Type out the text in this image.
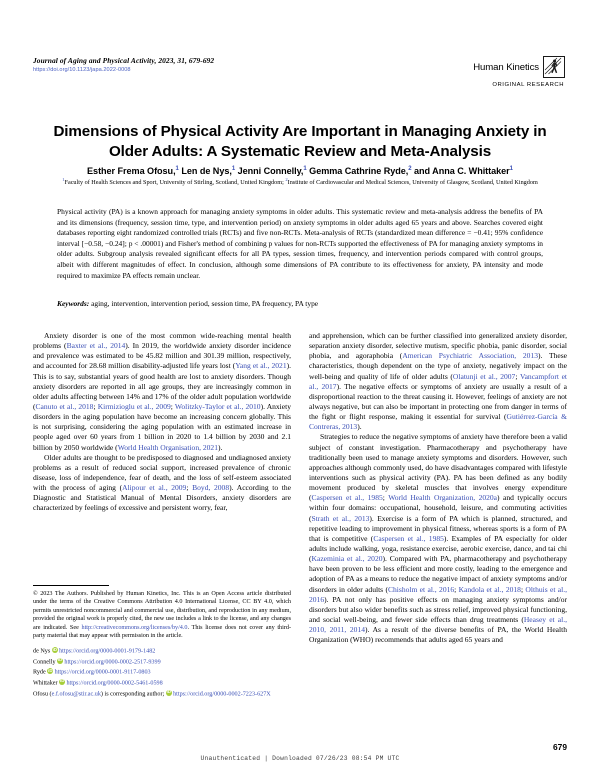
Journal of Aging and Physical Activity, 2023, 31, 679-692
https://doi.org/10.1123/japa.2022-0008	Human Kinetics
ORIGINAL RESEARCH
Dimensions of Physical Activity Are Important in Managing Anxiety in Older Adults: A Systematic Review and Meta-Analysis
Esther Frema Ofosu,$^1$ Len de Nys,$^1$ Jenni Connelly,$^1$ Gemma Cathrine Ryde,$^2$ and Anna C. Whittaker$^1$
$^1$Faculty of Health Sciences and Sport, University of Stirling, Scotland, United Kingdom; $^2$Institute of Cardiovascular and Medical Sciences, University of Glasgow, Scotland, United Kingdom
Physical activity (PA) is a known approach for managing anxiety symptoms in older adults. This systematic review and meta-analysis address the benefits of PA and its dimensions (frequency, session time, type, and intervention period) on anxiety symptoms in older adults aged 65 years and above. Searches covered eight databases reporting eight randomized controlled trials (RCTs) and five non-RCTs. Meta-analysis of RCTs (standardized mean difference = −0.41; 95% confidence interval [−0.58, −0.24]; p < .00001) and Fisher's method of combining p values for non-RCTs supported the effectiveness of PA for managing anxiety symptoms in older adults. Subgroup analysis revealed significant effects for all PA types, session times, frequency, and intervention periods compared with control groups, albeit with different magnitudes of effect. In conclusion, although some dimensions of PA contribute to its effectiveness for anxiety, PA intensity and mode required to maximize PA effects remain unclear.
Keywords: aging, intervention, intervention period, session time, PA frequency, PA type

Anxiety disorder is one of the most common wide-reaching mental health problems (Baxter et al., 2014). In 2019, the worldwide anxiety disorder incidence and prevalence was estimated to be 45.82 million and 301.39 million, respectively, and accounted for 28.68 million disability-adjusted life years lost (Yang et al., 2021). This is to say, substantial years of good health are lost to anxiety disorders. Though anxiety disorders are reported in all age groups, they are increasingly common in older adults affecting between 14% and 17% of the older adult population worldwide (Canuto et al., 2018; Kirmizioglu et al., 2009; Wolitzky-Taylor et al., 2010). Anxiety disorders in the aging population have become an increasing concern globally. This is not surprising, considering the aging population with an estimated increase in people aged over 60 years from 1 billion in 2020 to 1.4 billion by 2030 and 2.1 billion by 2050 worldwide (World Health Organisation, 2021).

Older adults are thought to be predisposed to diagnosed and undiagnosed anxiety problems as a result of reduced social support, increased prevalence of chronic disease, loss of independence, fear of death, and the loss of self-esteem associated with the process of aging (Alipour et al., 2009; Boyd, 2008). According to the Diagnostic and Statistical Manual of Mental Disorders, anxiety disorders are characterized by feelings of excessive and persistent worry, fear,

and apprehension, which can be further classified into generalized anxiety disorder, separation anxiety disorder, selective mutism, specific phobia, panic disorder, social phobia, and agoraphobia (American Psychiatric Association, 2013). These characteristics, though dependent on the type of anxiety, negatively impact on the well-being and quality of life of older adults (Olatunji et al., 2007; Vancampfort et al., 2017). The negative effects or symptoms of anxiety are usually a result of a disproportional reaction to the threat causing it. However, feelings of anxiety are not always negative, but can also be important in protecting one from danger in terms of the fight or flight response, making it essential for survival (Gutiérrez-García & Contreras, 2013).

Strategies to reduce the negative symptoms of anxiety have therefore been a valid subject of constant investigation. Pharmacotherapy and psychotherapy have traditionally been used to manage anxiety symptoms and disorders. However, such approaches although commonly used, do have disadvantages compared with lifestyle interventions such as physical activity (PA). PA has been defined as any bodily movement produced by skeletal muscles that involves energy expenditure (Caspersen et al., 1985; World Health Organization, 2020a) and typically occurs within four domains: occupational, household, leisure, and commuting activities (Strath et al., 2013). Exercise is a form of PA which is planned, structured, and repetitive leading to improvement in physical fitness, whereas sports is a form of PA that is competitive (Caspersen et al., 1985). Examples of PA especially for older adults include walking, yoga, resistance exercise, aerobic exercise, dance, and tai chi (Kazeminia et al., 2020). Compared with PA, pharmacotherapy and psychotherapy have been proven to be less efficient and more costly, leading to the emergence and adoption of PA as a means to reduce the negative impact of anxiety symptoms and/or disorders in older adults (Chisholm et al., 2016; Kandola et al., 2018; Olthuis et al., 2016). PA not only has positive effects on managing anxiety symptoms and/or disorders but also wider benefits such as stress relief, improved physical functioning, and social well-being, and fewer side effects than drug treatments (Heasey et al., 2010, 2011, 2014). As a result of the diverse benefits of PA, the World Health Organization (WHO) recommends that adults aged 65 years and

© 2023 The Authors. Published by Human Kinetics, Inc. This is an Open Access article distributed under the terms of the Creative Commons Attribution 4.0 International License, CC BY 4.0, which permits unrestricted noncommercial and commercial use, distribution, and reproduction in any medium, provided the original work is properly cited, the new use includes a link to the license, and any changes are indicated. See http://creativecommons.org/licenses/by/4.0. This license does not cover any third-party material that may appear with permission in the article.
de Nys iD https://orcid.org/0000-0001-9179-1482
Connelly iD https://orcid.org/0000-0002-2517-9399
Ryde iD https://orcid.org/0000-0001-9117-0803
Whittaker iD https://orcid.org/0000-0002-5461-0598
Ofosu (e.f.ofosu@stir.ac.uk) is corresponding author; iD https://orcid.org/0000-0002-7223-627X
679
Unauthenticated | Downloaded 07/26/23 08:54 PM UTC
